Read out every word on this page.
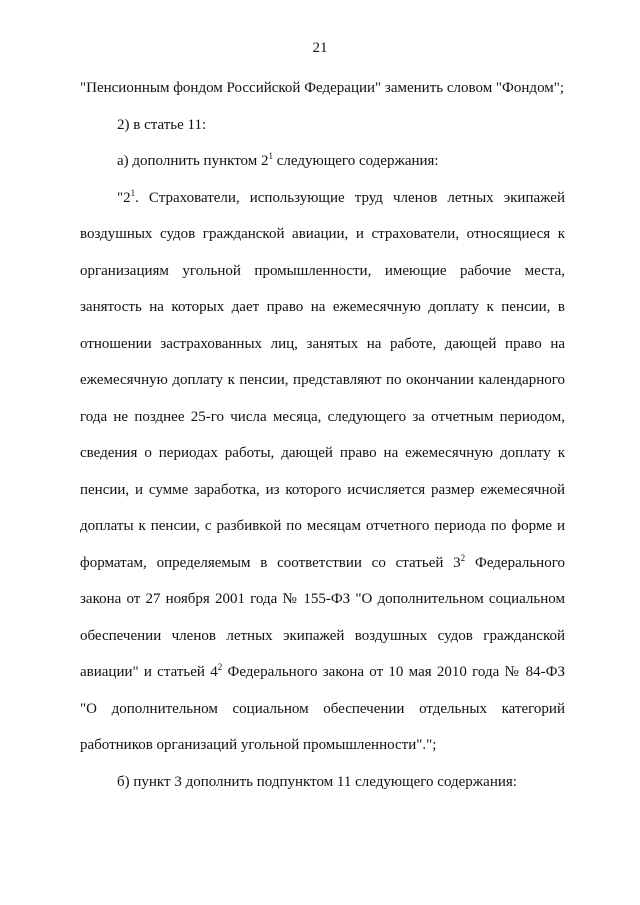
21

"Пенсионным фондом Российской Федерации" заменить словом "Фондом";

2) в статье 11:

а) дополнить пунктом $2^1$ следующего содержания:

"$2^1$. Страхователи, использующие труд членов летных экипажей воздушных судов гражданской авиации, и страхователи, относящиеся к организациям угольной промышленности, имеющие рабочие места, занятость на которых дает право на ежемесячную доплату к пенсии, в отношении застрахованных лиц, занятых на работе, дающей право на ежемесячную доплату к пенсии, представляют по окончании календарного года не позднее 25-го числа месяца, следующего за отчетным периодом, сведения о периодах работы, дающей право на ежемесячную доплату к пенсии, и сумме заработка, из которого исчисляется размер ежемесячной доплаты к пенсии, с разбивкой по месяцам отчетного периода по форме и форматам, определяемым в соответствии со статьей $3^2$ Федерального закона от 27 ноября 2001 года № 155-ФЗ "О дополнительном социальном обеспечении членов летных экипажей воздушных судов гражданской авиации" и статьей $4^2$ Федерального закона от 10 мая 2010 года № 84-ФЗ "О дополнительном социальном обеспечении отдельных категорий работников организаций угольной промышленности".";

б) пункт 3 дополнить подпунктом 11 следующего содержания:
